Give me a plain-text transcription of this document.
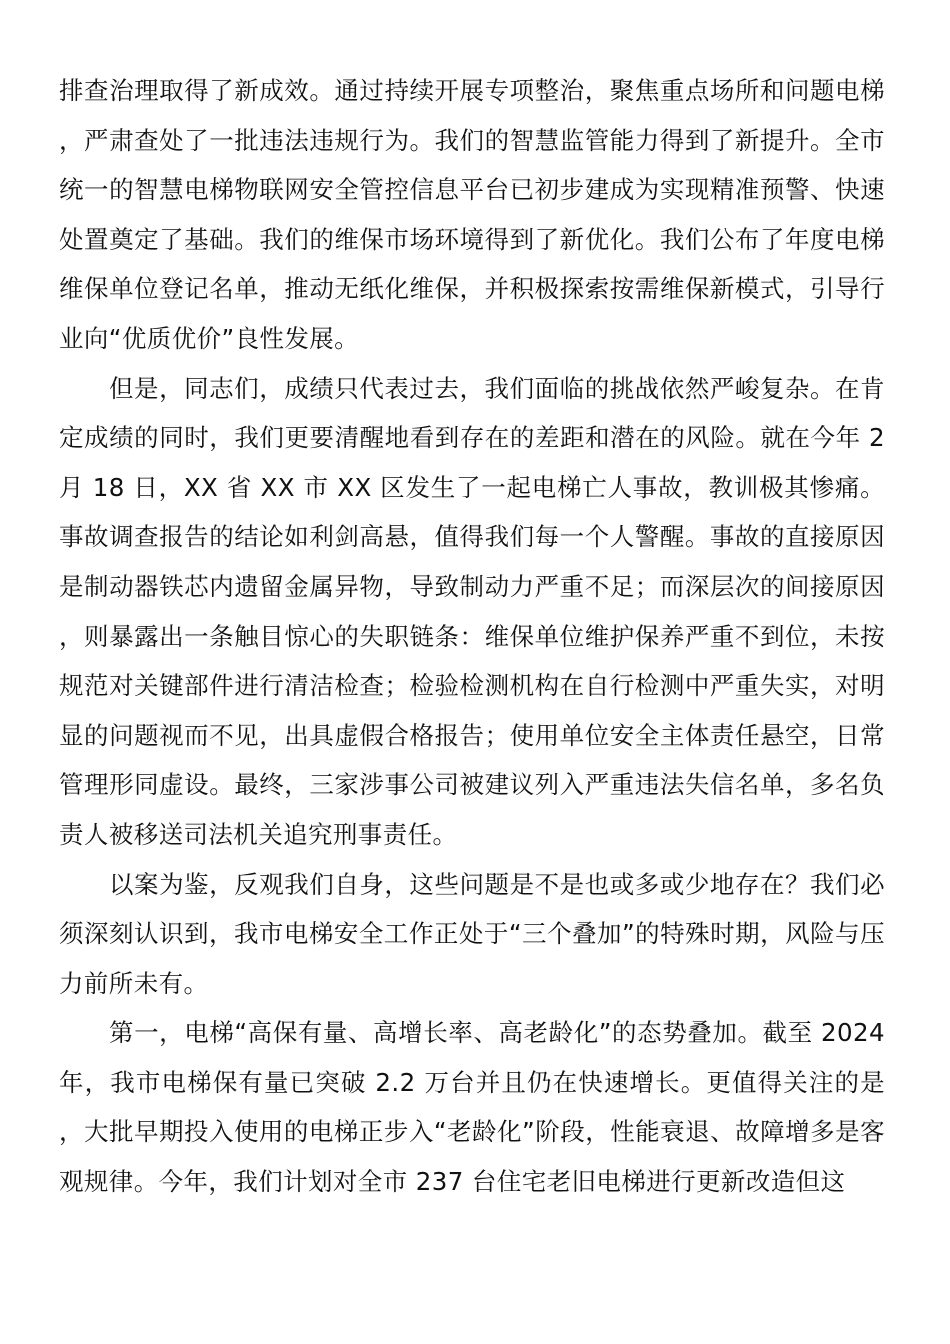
排查治理取得了新成效。通过持续开展专项整治，聚焦重点场所和问题电梯，严肃查处了一批违法违规行为。我们的智慧监管能力得到了新提升。全市统一的智慧电梯物联网安全管控信息平台已初步建成为实现精准预警、快速处置奠定了基础。我们的维保市场环境得到了新优化。我们公布了年度电梯维保单位登记名单，推动无纸化维保，并积极探索按需维保新模式，引导行业向“优质优价”良性发展。

但是，同志们，成绩只代表过去，我们面临的挑战依然严峻复杂。在肯定成绩的同时，我们更要清醒地看到存在的差距和潜在的风险。就在今年 2 月 18 日，XX 省 XX 市 XX 区发生了一起电梯亡人事故，教训极其惨痛。事故调查报告的结论如利剑高悬，值得我们每一个人警醒。事故的直接原因是制动器铁芯内遗留金属异物，导致制动力严重不足；而深层次的间接原因，则暴露出一条触目惊心的失职链条：维保单位维护保养严重不到位，未按规范对关键部件进行清洁检查；检验检测机构在自行检测中严重失实，对明显的问题视而不见，出具虚假合格报告；使用单位安全主体责任悬空，日常管理形同虚设。最终，三家涉事公司被建议列入严重违法失信名单，多名负责人被移送司法机关追究刑事责任。

以案为鉴，反观我们自身，这些问题是不是也或多或少地存在？我们必须深刻认识到，我市电梯安全工作正处于“三个叠加”的特殊时期，风险与压力前所未有。

第一，电梯“高保有量、高增长率、高老龄化”的态势叠加。截至 2024 年，我市电梯保有量已突破 2.2 万台并且仍在快速增长。更值得关注的是，大批早期投入使用的电梯正步入“老龄化”阶段，性能衰退、故障增多是客观规律。今年，我们计划对全市 237 台住宅老旧电梯进行更新改造但这
